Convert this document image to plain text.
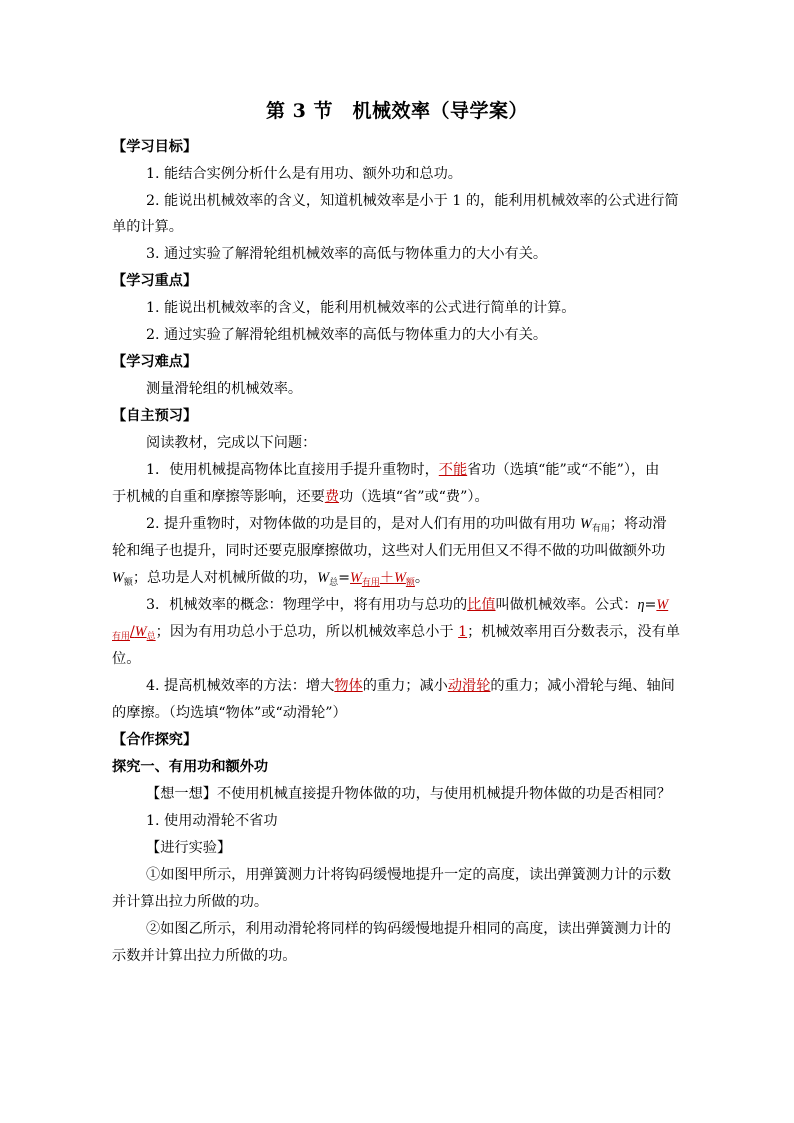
第 3 节　机械效率（导学案）
【学习目标】
1. 能结合实例分析什么是有用功、额外功和总功。
2. 能说出机械效率的含义，知道机械效率是小于 1 的，能利用机械效率的公式进行简
单的计算。
3. 通过实验了解滑轮组机械效率的高低与物体重力的大小有关。
【学习重点】
1. 能说出机械效率的含义，能利用机械效率的公式进行简单的计算。
2. 通过实验了解滑轮组机械效率的高低与物体重力的大小有关。
【学习难点】
测量滑轮组的机械效率。
【自主预习】
阅读教材，完成以下问题：
1．使用机械提高物体比直接用手提升重物时，不能省功（选填“能”或“不能”），由
于机械的自重和摩擦等影响，还要费功（选填“省”或“费”）。
2. 提升重物时，对物体做的功是目的，是对人们有用的功叫做有用功 $W_{有用}$；将动滑
轮和绳子也提升，同时还要克服摩擦做功，这些对人们无用但又不得不做的功叫做额外功
$W_额$；总功是人对机械所做的功，$W_总=W_{有用}+W_额$。
3．机械效率的概念：物理学中，将有用功与总功的比值叫做机械效率。公式：η=W
$_{有用}/W_总$；因为有用功总小于总功，所以机械效率总小于 1；机械效率用百分数表示，没有单
位。
4. 提高机械效率的方法：增大物体的重力；减小动滑轮的重力；减小滑轮与绳、轴间
的摩擦。（均选填“物体”或“动滑轮”）
【合作探究】
探究一、有用功和额外功
【想一想】不使用机械直接提升物体做的功，与使用机械提升物体做的功是否相同？
1. 使用动滑轮不省功
【进行实验】
①如图甲所示，用弹簧测力计将钩码缓慢地提升一定的高度，读出弹簧测力计的示数
并计算出拉力所做的功。
②如图乙所示，利用动滑轮将同样的钩码缓慢地提升相同的高度，读出弹簧测力计的
示数并计算出拉力所做的功。
